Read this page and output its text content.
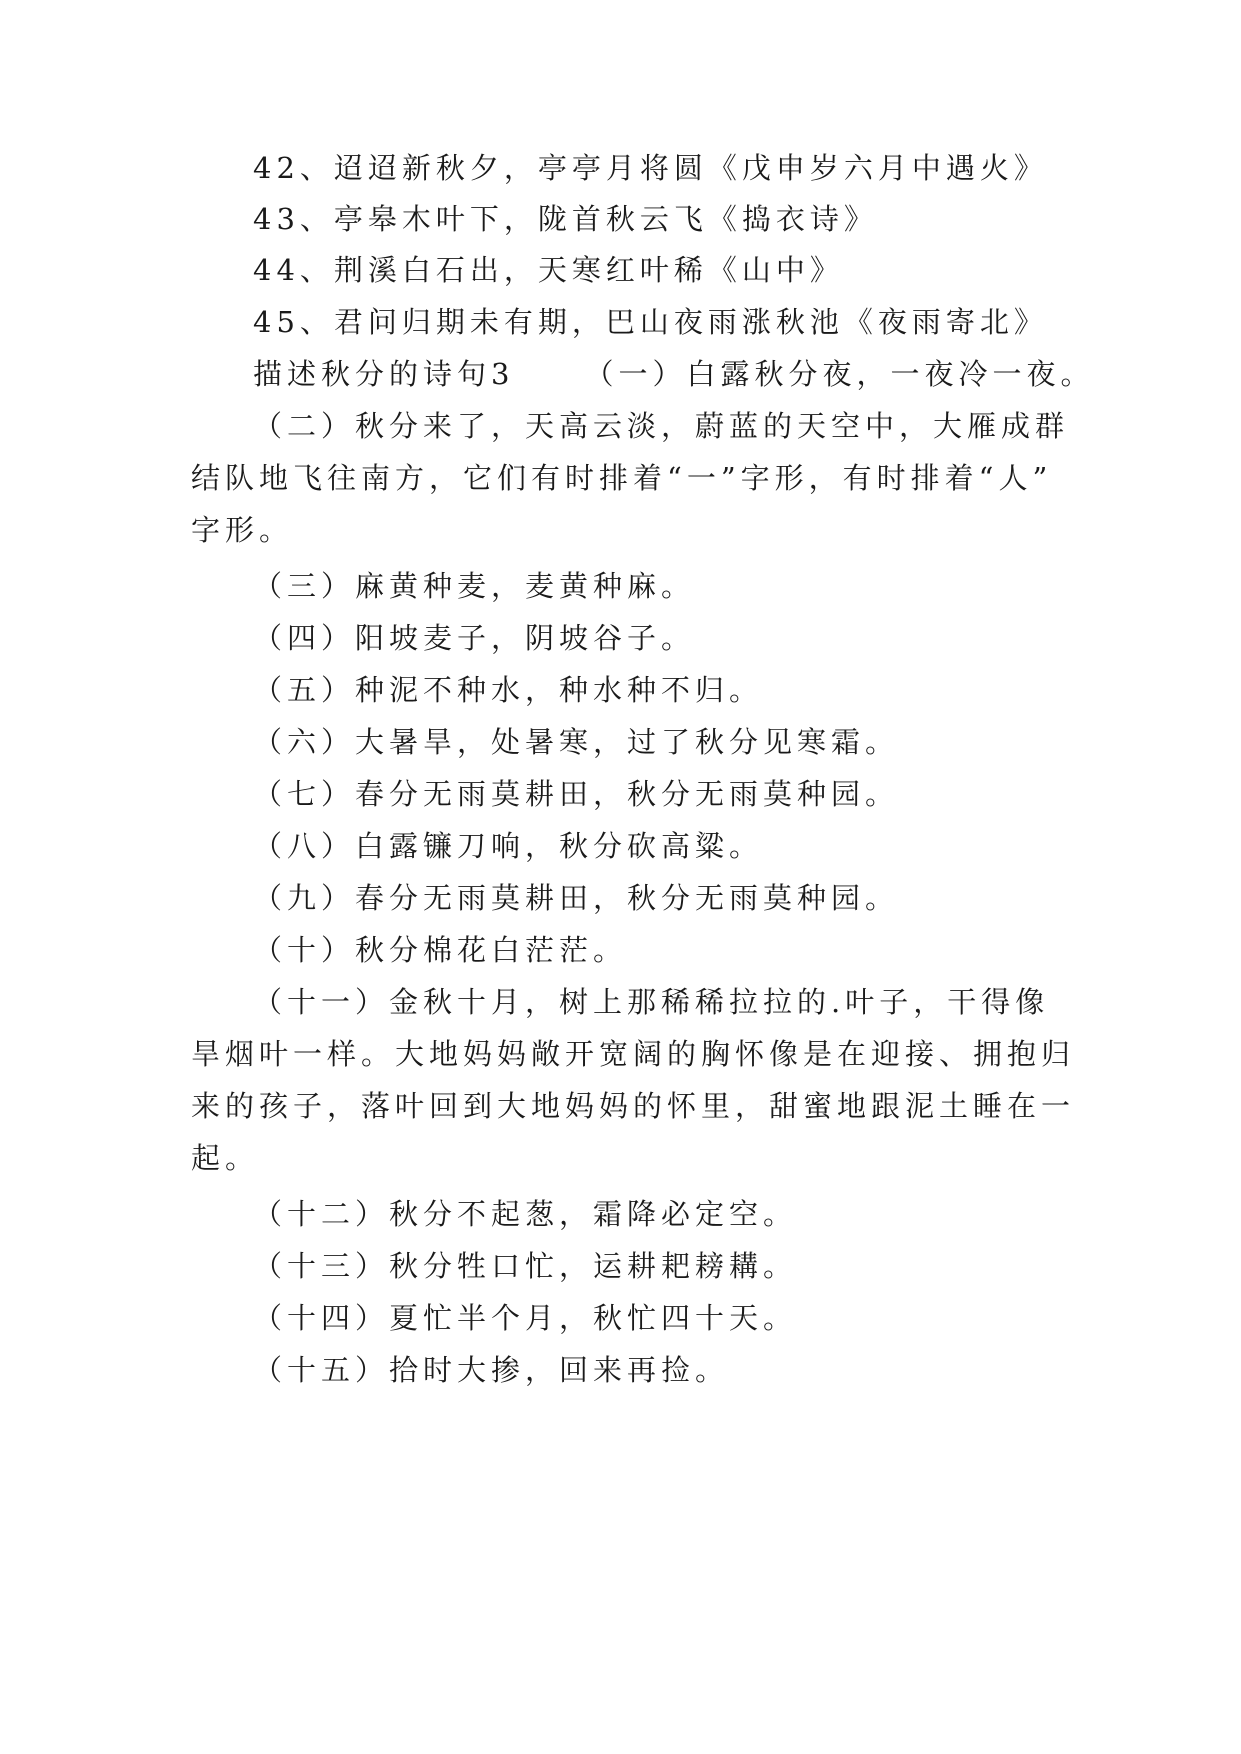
42、迢迢新秋夕，亭亭月将圆《戊申岁六月中遇火》
43、亭皋木叶下，陇首秋云飞《捣衣诗》
44、荆溪白石出，天寒红叶稀《山中》
45、君问归期未有期，巴山夜雨涨秋池《夜雨寄北》
描述秋分的诗句3 （一）白露秋分夜，一夜冷一夜。
（二）秋分来了，天高云淡，蔚蓝的天空中，大雁成群
结队地飞往南方，它们有时排着“一”字形，有时排着“人”
字形。
（三）麻黄种麦，麦黄种麻。
（四）阳坡麦子，阴坡谷子。
（五）种泥不种水，种水种不归。
（六）大暑旱，处暑寒，过了秋分见寒霜。
（七）春分无雨莫耕田，秋分无雨莫种园。
（八）白露镰刀响，秋分砍高粱。
（九）春分无雨莫耕田，秋分无雨莫种园。
（十）秋分棉花白茫茫。
（十一）金秋十月，树上那稀稀拉拉的.叶子，干得像
旱烟叶一样。大地妈妈敞开宽阔的胸怀像是在迎接、拥抱归
来的孩子，落叶回到大地妈妈的怀里，甜蜜地跟泥土睡在一
起。
（十二）秋分不起葱，霜降必定空。
（十三）秋分牲口忙，运耕耙耪耩。
（十四）夏忙半个月，秋忙四十天。
（十五）拾时大掺，回来再捡。
